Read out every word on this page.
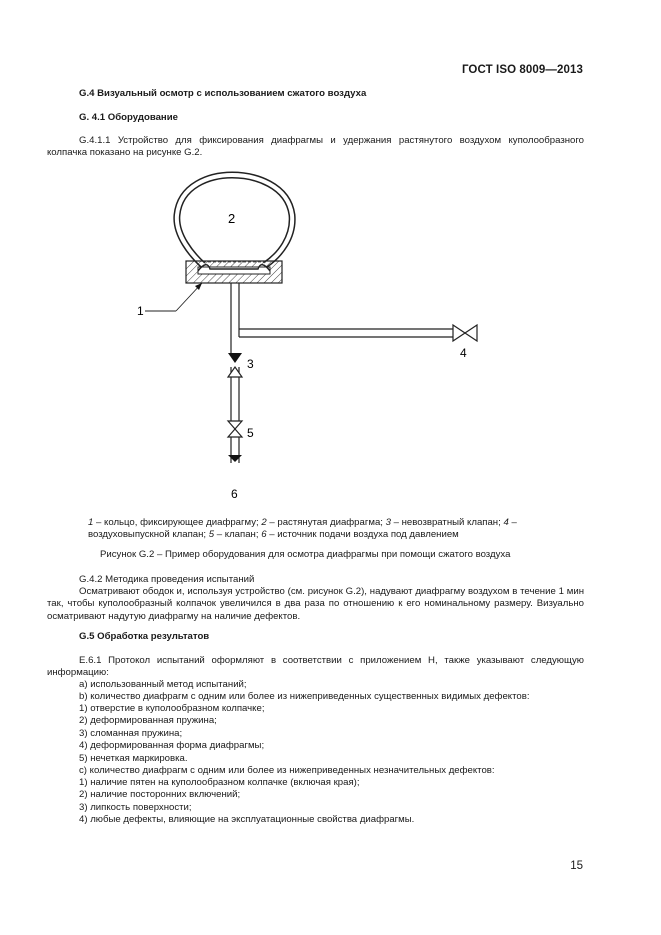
ГОСТ ISO 8009—2013
G.4 Визуальный осмотр с использованием сжатого воздуха
G. 4.1 Оборудование
G.4.1.1 Устройство для фиксирования диафрагмы и удержания растянутого воздухом куполообразного колпачка показано на рисунке G.2.
1
2
3
4
5
6
1 – кольцо, фиксирующее диафрагму; 2 – растянутая диафрагма; 3 – невозвратный клапан; 4 – воздуховыпускной клапан; 5 – клапан; 6 – источник подачи воздуха под давлением
Рисунок G.2 – Пример оборудования для осмотра диафрагмы при помощи сжатого воздуха
G.4.2 Методика проведения испытаний
Осматривают ободок и, используя устройство (см. рисунок G.2), надувают диафрагму воздухом в течение 1 мин так, чтобы куполообразный колпачок увеличился в два раза по отношению к его номинальному размеру. Визуально осматривают надутую диафрагму на наличие дефектов.
G.5 Обработка результатов
E.6.1 Протокол испытаний оформляют в соответствии с приложением H, также указывают следующую информацию:
a) использованный метод испытаний;
b) количество диафрагм с одним или более из нижеприведенных существенных видимых дефектов:
1) отверстие в куполообразном колпачке;
2) деформированная пружина;
3) сломанная пружина;
4) деформированная форма диафрагмы;
5) нечеткая маркировка.
c) количество диафрагм с одним или более из нижеприведенных незначительных дефектов:
1) наличие пятен на куполообразном колпачке (включая края);
2) наличие посторонних включений;
3) липкость поверхности;
4) любые дефекты, влияющие на эксплуатационные свойства диафрагмы.
15
